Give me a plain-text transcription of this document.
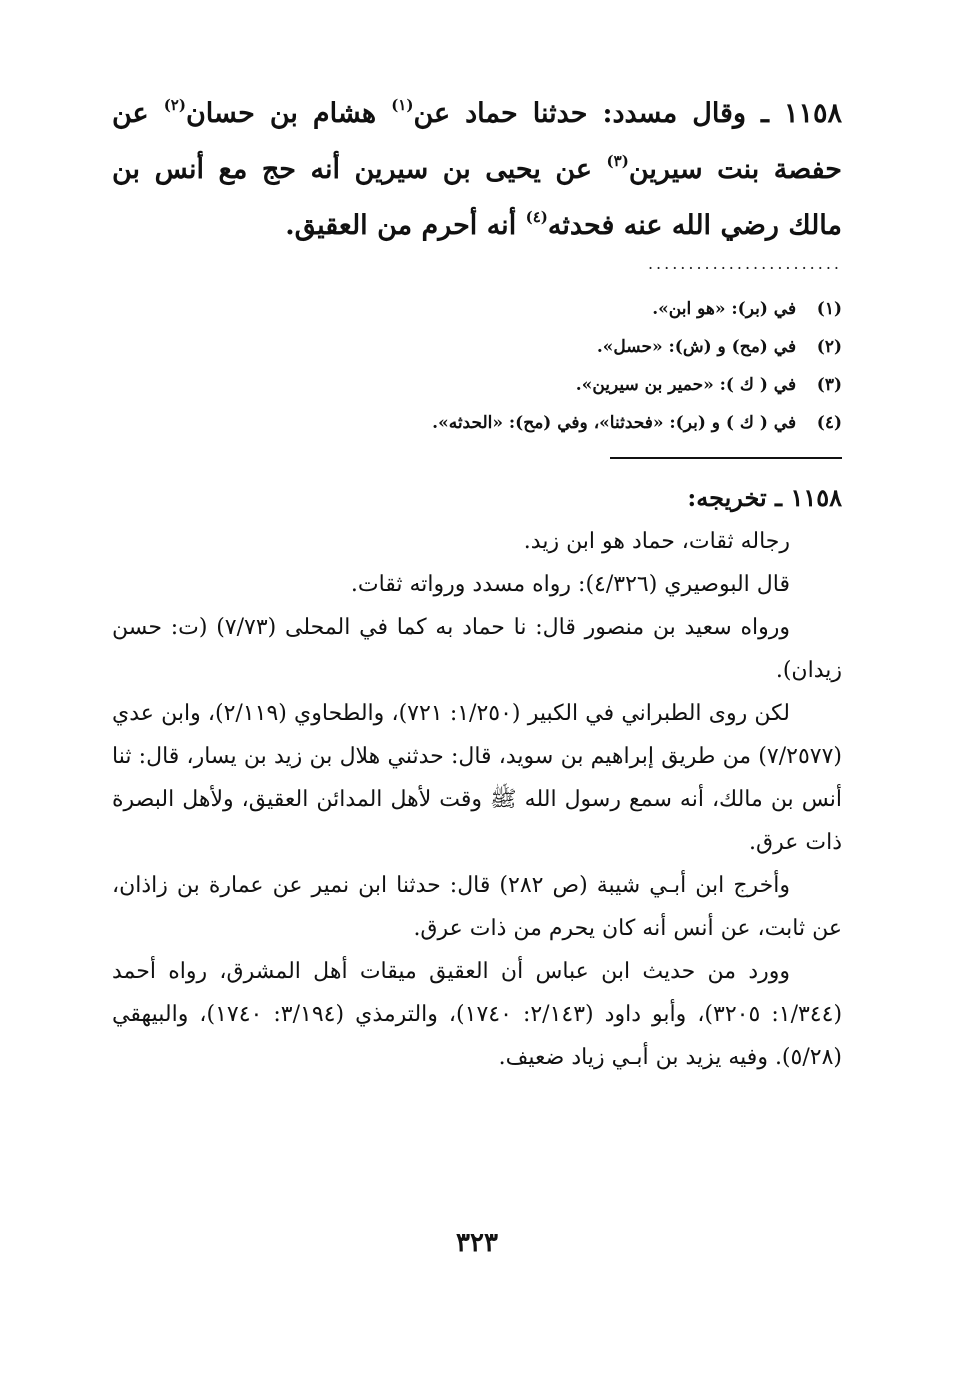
١١٥٨ ـ وقال مسدد: حدثنا حماد عن$^{(١)}$ هشام بن حسان$^{(٢)}$ عن حفصة بنت سيرين$^{(٣)}$ عن يحيى بن سيرين أنه حج مع أنس بن مالك رضي الله عنه فحدثه$^{(٤)}$ أنه أحرم من العقيق.
........................
(١) في (بر): «هو ابن».
(٢) في (مح) و (ش): «حسل».
(٣) في ( ك ): «حمير بن سيرين».
(٤) في ( ك ) و (بر): «فحدثنا»، وفي (مح): «الحدثه».
١١٥٨ ـ تخريجه:

رجاله ثقات، حماد هو ابن زيد.

قال البوصيري (٤/٣٢٦): رواه مسدد ورواته ثقات.

ورواه سعيد بن منصور قال: نا حماد به كما في المحلى (٧/٧٣) (ت: حسن زيدان).

لكن روى الطبراني في الكبير (١/٢٥٠: ٧٢١)، والطحاوي (٢/١١٩)، وابن عدي (٧/٢٥٧٧) من طريق إبراهيم بن سويد، قال: حدثني هلال بن زيد بن يسار، قال: ثنا أنس بن مالك، أنه سمع رسول الله ﷺ وقت لأهل المدائن العقيق، ولأهل البصرة ذات عرق.

وأخرج ابن أبـي شيبة (ص ٢٨٢) قال: حدثنا ابن نمير عن عمارة بن زاذان، عن ثابت، عن أنس أنه كان يحرم من ذات عرق.

وورد من حديث ابن عباس أن العقيق ميقات أهل المشرق، رواه أحمد (١/٣٤٤: ٣٢٠٥)، وأبو داود (٢/١٤٣: ١٧٤٠)، والترمذي (٣/١٩٤: ١٧٤٠)، والبيهقي (٥/٢٨). وفيه يزيد بن أبـي زياد ضعيف.

٣٢٣
